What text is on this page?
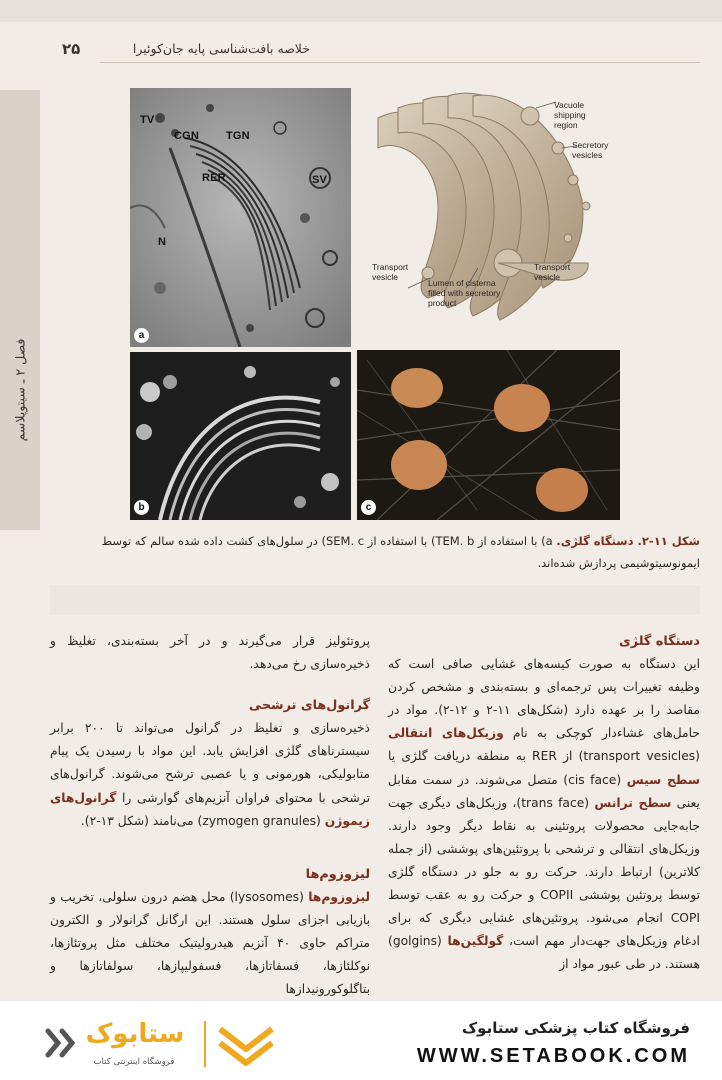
۲۵	خلاصه بافت‌شناسی پایه جان‌کوئیرا
فصل ۲ ـ سیتوپلاسم
TV
CGN TGN
RER	SV
N
a
Vacuole
shipping
region
Secretory
vesicles
Transport
vesicle
Transport
vesicle
Lumen of cisterna
filled with secretory
product
b	c
شکل ۱۱-۲. دستگاه گلژی. a) با استفاده از TEM. b) با استفاده از SEM. c) در سلول‌های کشت داده شده سالم که توسط ایمونوسیتوشیمی پردازش شده‌اند.
دستگاه گلژی
این دستگاه به صورت کیسه‌های غشایی صافی است که وظیفه تغییرات پس ترجمه‌ای و بسته‌بندی و مشخص کردن مقاصد را بر عهده دارد (شکل‌های ۱۱-۲ و ۱۲-۲). مواد در حامل‌های غشاءدار کوچکی به نام وزیکل‌های انتقالی (transport vesicles) از RER به منطقه دریافت گلژی یا سطح سیس (cis face) متصل می‌شوند. در سمت مقابل یعنی سطح ترانس (trans face)، وزیکل‌های دیگری جهت جابه‌جایی محصولات پروتئینی به نقاط دیگر وجود دارند. وزیکل‌های انتقالی و ترشحی با پروتئین‌های پوششی (از جمله کلاترین) ارتباط دارند. حرکت رو به جلو در دستگاه گلژی توسط پروتئین پوششی COPII و حرکت رو به عقب توسط COPI انجام می‌شود. پروتئین‌های غشایی دیگری که برای ادغام وزیکل‌های جهت‌دار مهم است، گولگین‌ها (golgins) هستند. در طی عبور مواد از
پروتئولیز قرار می‌گیرند و در آخر بسته‌بندی، تغلیظ و ذخیره‌سازی رخ می‌دهد.
گرانول‌های ترشحی
ذخیره‌سازی و تغلیظ در گرانول می‌تواند تا ۲۰۰ برابر سیسترناهای گلژی افزایش یابد. این مواد با رسیدن یک پیام متابولیکی، هورمونی و یا عصبی ترشح می‌شوند. گرانول‌های ترشحی با محتوای فراوان آنزیم‌های گوارشی را گرانول‌های زیموژن (zymogen granules) می‌نامند (شکل ۱۳-۲).
لیزوزوم‌ها
لیزوزوم‌ها (lysosomes) محل هضم درون سلولی، تخریب و بازیابی اجزای سلول هستند. این ارگانل گرانولار و الکترون متراکم حاوی ۴۰ آنزیم هیدرولیتیک مختلف مثل پروتئازها، نوکلئازها، فسفاتازها، فسفولیپازها، سولفاتازها و بتاگلوکورونیدازها
ستابوک
فروشگاه اینترنتی کتاب
فروشگاه کتاب پزشکی ستابوک
WWW.SETABOOK.COM
